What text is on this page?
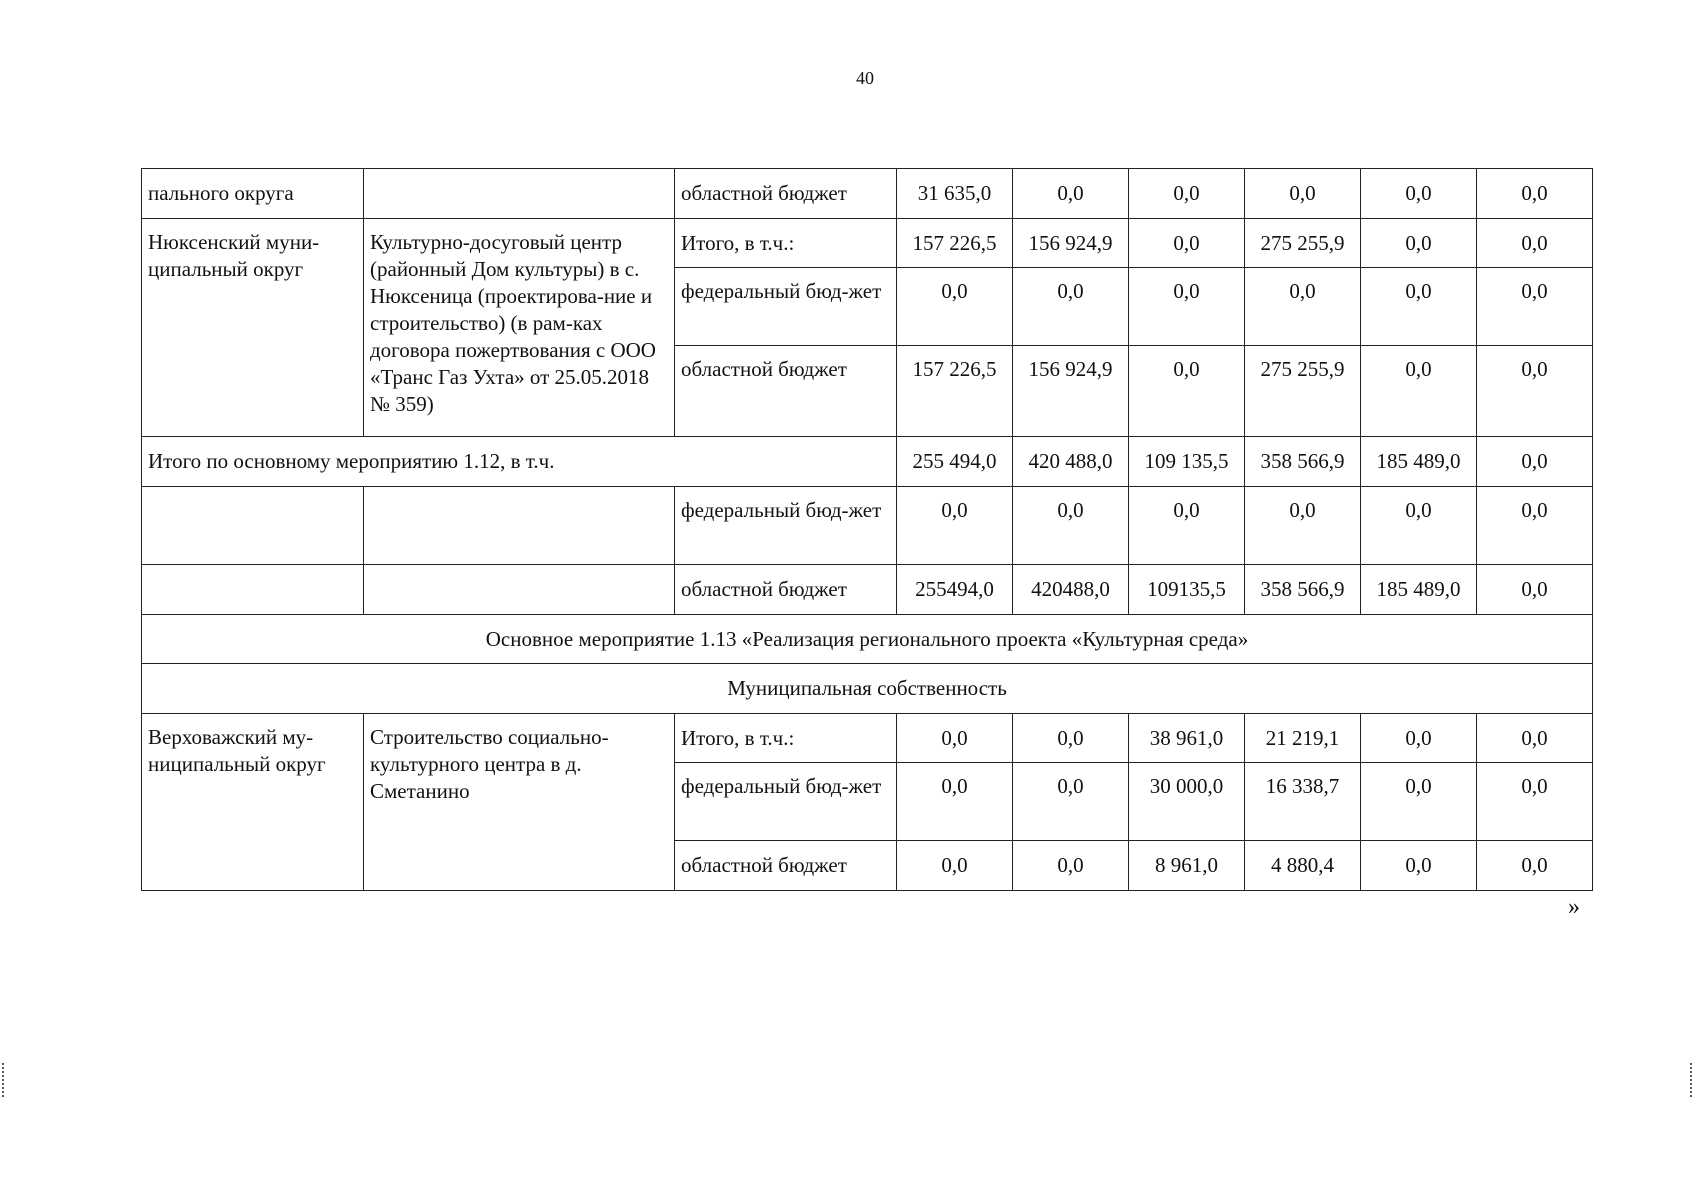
40
пального округа		областной бюджет	31 635,0	0,0	0,0	0,0	0,0	0,0
Нюксенский муни-ципальный округ	Культурно-досуговый центр (районный Дом культуры) в с. Нюксеница (проектирова-ние и строительство) (в рам-ках договора пожертвования с ООО «Транс Газ Ухта» от 25.05.2018 № 359)	Итого, в т.ч.:	157 226,5	156 924,9	0,0	275 255,9	0,0	0,0
		федеральный бюд-жет	0,0	0,0	0,0	0,0	0,0	0,0
		областной бюджет	157 226,5	156 924,9	0,0	275 255,9	0,0	0,0
Итого по основному мероприятию 1.12, в т.ч.			255 494,0	420 488,0	109 135,5	358 566,9	185 489,0	0,0
		федеральный бюд-жет	0,0	0,0	0,0	0,0	0,0	0,0
		областной бюджет	255494,0	420488,0	109135,5	358 566,9	185 489,0	0,0
Основное мероприятие 1.13 «Реализация регионального проекта «Культурная среда»								
Муниципальная собственность								
Верховажский му-ниципальный округ	Строительство социально-культурного центра в д. Сметанино	Итого, в т.ч.:	0,0	0,0	38 961,0	21 219,1	0,0	0,0
		федеральный бюд-жет	0,0	0,0	30 000,0	16 338,7	0,0	0,0
		областной бюджет	0,0	0,0	8 961,0	4 880,4	0,0	0,0
»
